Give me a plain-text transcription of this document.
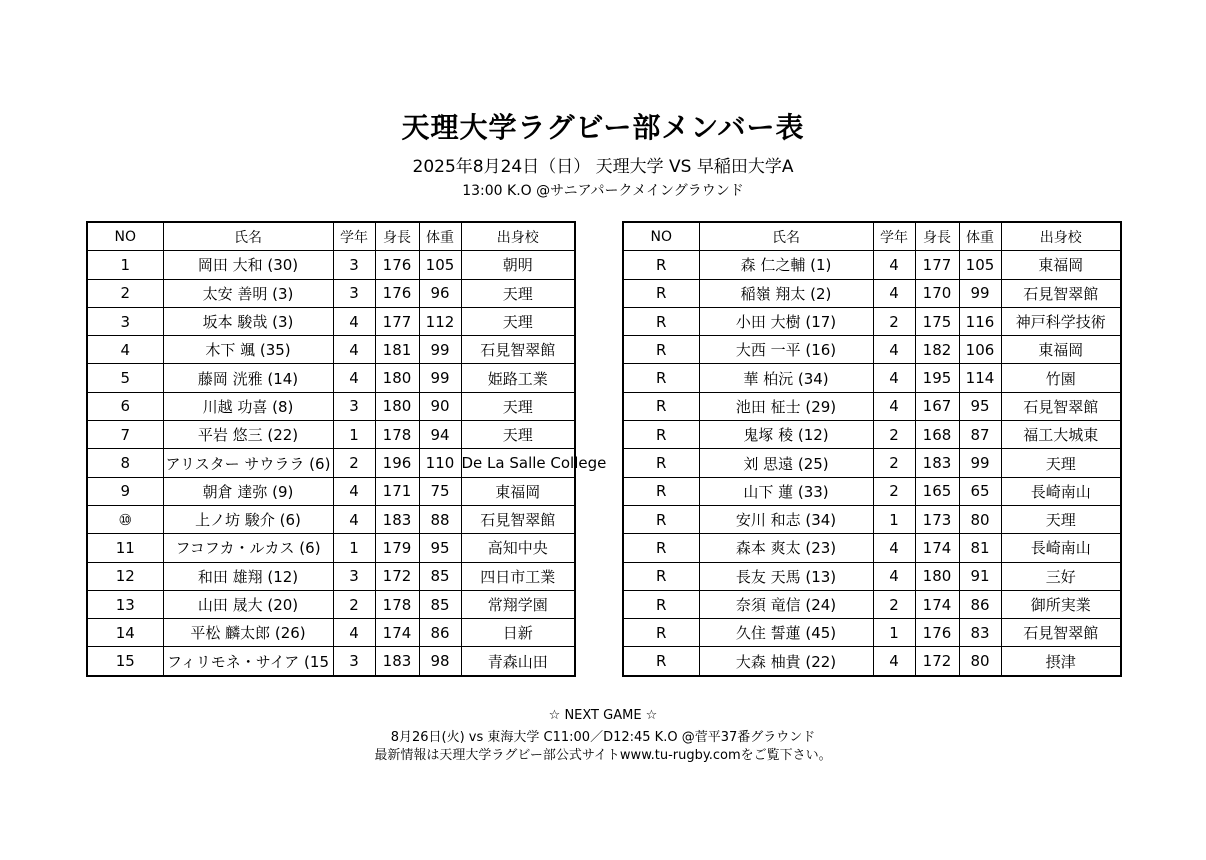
天理大学ラグビー部メンバー表
2025年8月24日（日） 天理大学 VS 早稲田大学A
13:00 K.O @サニアパークメイングラウンド
NO	氏名	学年	身長	体重	出身校
1	岡田 大和 (30)	3	176	105	朝明
2	太安 善明 (3)	3	176	96	天理
3	坂本 駿哉 (3)	4	177	112	天理
4	木下 颯 (35)	4	181	99	石見智翠館
5	藤岡 洸雅 (14)	4	180	99	姫路工業
6	川越 功喜 (8)	3	180	90	天理
7	平岩 悠三 (22)	1	178	94	天理
8	アリスター サウララ (6)	2	196	110	De La Salle College
9	朝倉 達弥 (9)	4	171	75	東福岡
⑩	上ノ坊 駿介 (6)	4	183	88	石見智翠館
11	フコフカ・ルカス (6)	1	179	95	高知中央
12	和田 雄翔 (12)	3	172	85	四日市工業
13	山田 晟大 (20)	2	178	85	常翔学園
14	平松 麟太郎 (26)	4	174	86	日新
15	フィリモネ・サイア (15	3	183	98	青森山田
NO	氏名	学年	身長	体重	出身校
R	森 仁之輔 (1)	4	177	105	東福岡
R	稲嶺 翔太 (2)	4	170	99	石見智翠館
R	小田 大樹 (17)	2	175	116	神戸科学技術
R	大西 一平 (16)	4	182	106	東福岡
R	華 柏沅 (34)	4	195	114	竹園
R	池田 柾士 (29)	4	167	95	石見智翠館
R	鬼塚 稜 (12)	2	168	87	福工大城東
R	刘 思遠 (25)	2	183	99	天理
R	山下 蓮 (33)	2	165	65	長崎南山
R	安川 和志 (34)	1	173	80	天理
R	森本 爽太 (23)	4	174	81	長崎南山
R	長友 天馬 (13)	4	180	91	三好
R	奈須 竜信 (24)	2	174	86	御所実業
R	久住 誓蓮 (45)	1	176	83	石見智翠館
R	大森 柚貴 (22)	4	172	80	摂津
☆ NEXT GAME ☆
8月26日(火) vs 東海大学 C11:00／D12:45 K.O @菅平37番グラウンド
最新情報は天理大学ラグビー部公式サイトwww.tu-rugby.comをご覧下さい。
